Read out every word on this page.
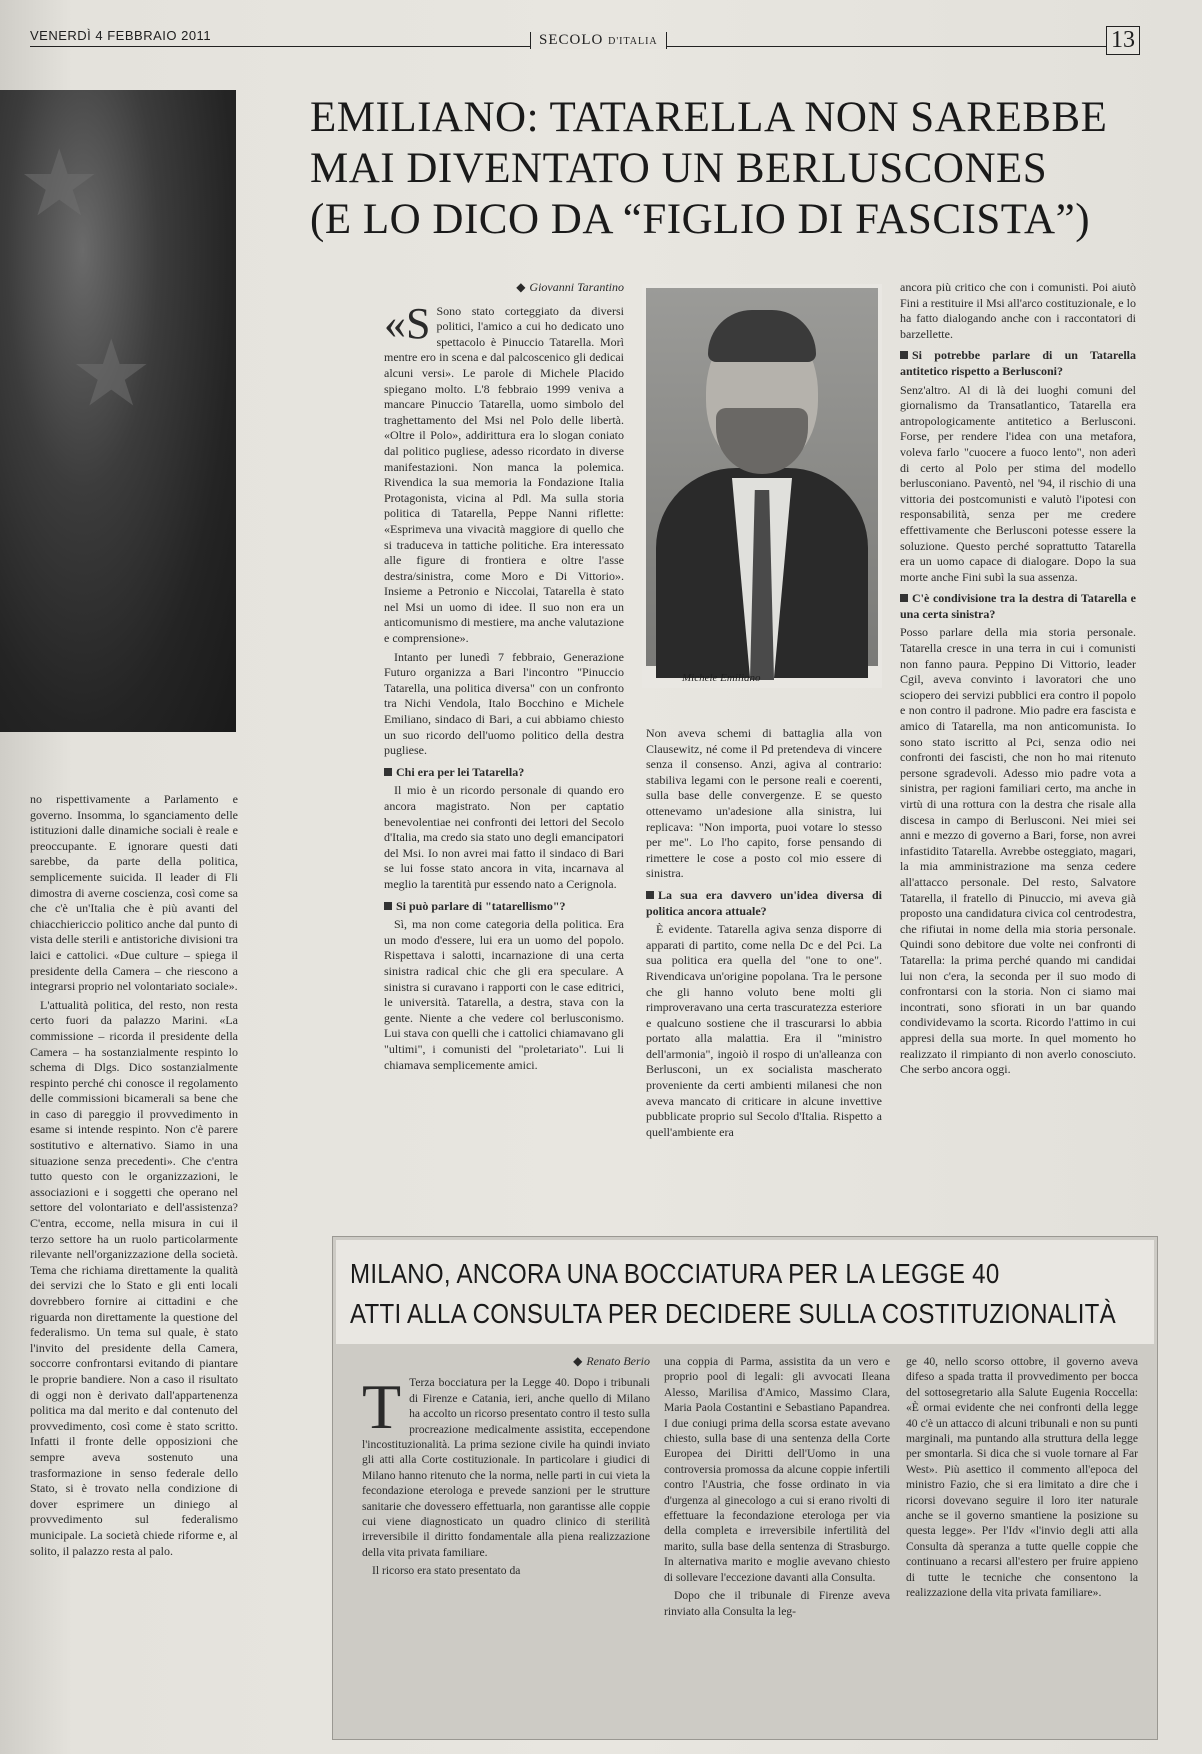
VENERDÌ 4 FEBBRAIO 2011	SECOLO D'ITALIA	13
★
★

no rispettivamente a Parlamento e governo. Insomma, lo sganciamento delle istituzioni dalle dinamiche sociali è reale e preoccupante. E ignorare questi dati sarebbe, da parte della politica, semplicemente suicida. Il leader di Fli dimostra di averne coscienza, così come sa che c'è un'Italia che è più avanti del chiacchiericcio politico anche dal punto di vista delle sterili e antistoriche divisioni tra laici e cattolici. «Due culture – spiega il presidente della Camera – che riescono a integrarsi proprio nel volontariato sociale».

L'attualità politica, del resto, non resta certo fuori da palazzo Marini. «La commissione – ricorda il presidente della Camera – ha sostanzialmente respinto lo schema di Dlgs. Dico sostanzialmente respinto perché chi conosce il regolamento delle commissioni bicamerali sa bene che in caso di pareggio il provvedimento in esame si intende respinto. Non c'è parere sostitutivo e alternativo. Siamo in una situazione senza precedenti». Che c'entra tutto questo con le organizzazioni, le associazioni e i soggetti che operano nel settore del volontariato e dell'assistenza? C'entra, eccome, nella misura in cui il terzo settore ha un ruolo particolarmente rilevante nell'organizzazione della società. Tema che richiama direttamente la qualità dei servizi che lo Stato e gli enti locali dovrebbero fornire ai cittadini e che riguarda non direttamente la questione del federalismo. Un tema sul quale, è stato l'invito del presidente della Camera, soccorre confrontarsi evitando di piantare le proprie bandiere. Non a caso il risultato di oggi non è derivato dall'appartenenza politica ma dal merito e dal contenuto del provvedimento, così come è stato scritto. Infatti il fronte delle opposizioni che sempre aveva sostenuto una trasformazione in senso federale dello Stato, si è trovato nella condizione di dover esprimere un diniego al provvedimento sul federalismo municipale. La società chiede riforme e, al solito, il palazzo resta al palo.

EMILIANO: TATARELLA NON SAREBBE
MAI DIVENTATO UN BERLUSCONES
(E LO DICO DA “FIGLIO DI FASCISTA”)
◆ Giovanni Tarantino
«S Sono stato corteggiato da diversi politici, l'amico a cui ho dedicato uno spettacolo è Pinuccio Tatarella. Morì mentre ero in scena e dal palcoscenico gli dedicai alcuni versi». Le parole di Michele Placido spiegano molto. L'8 febbraio 1999 veniva a mancare Pinuccio Tatarella, uomo simbolo del traghettamento del Msi nel Polo delle libertà. «Oltre il Polo», addirittura era lo slogan coniato dal politico pugliese, adesso ricordato in diverse manifestazioni. Non manca la polemica. Rivendica la sua memoria la Fondazione Italia Protagonista, vicina al Pdl. Ma sulla storia politica di Tatarella, Peppe Nanni riflette: «Esprimeva una vivacità maggiore di quello che si traduceva in tattiche politiche. Era interessato alle figure di frontiera e oltre l'asse destra/sinistra, come Moro e Di Vittorio». Insieme a Petronio e Niccolai, Tatarella è stato nel Msi un uomo di idee. Il suo non era un anticomunismo di mestiere, ma anche valutazione e comprensione».

Intanto per lunedì 7 febbraio, Generazione Futuro organizza a Bari l'incontro "Pinuccio Tatarella, una politica diversa" con un confronto tra Nichi Vendola, Italo Bocchino e Michele Emiliano, sindaco di Bari, a cui abbiamo chiesto un suo ricordo dell'uomo politico della destra pugliese.

Chi era per lei Tatarella?

Il mio è un ricordo personale di quando ero ancora magistrato. Non per captatio benevolentiae nei confronti dei lettori del Secolo d'Italia, ma credo sia stato uno degli emancipatori del Msi. Io non avrei mai fatto il sindaco di Bari se lui fosse stato ancora in vita, incarnava al meglio la tarentità pur essendo nato a Cerignola.

Si può parlare di "tatarellismo"?

Sì, ma non come categoria della politica. Era un modo d'essere, lui era un uomo del popolo. Rispettava i salotti, incarnazione di una certa sinistra radical chic che gli era speculare. A sinistra si curavano i rapporti con le case editrici, le università. Tatarella, a destra, stava con la gente. Niente a che vedere col berlusconismo. Lui stava con quelli che i cattolici chiamavano gli "ultimi", i comunisti del "proletariato". Lui li chiamava semplicemente amici.

Michele Emiliano

Non aveva schemi di battaglia alla von Clausewitz, né come il Pd pretendeva di vincere senza il consenso. Anzi, agiva al contrario: stabiliva legami con le persone reali e coerenti, sulla base delle convergenze. E se questo ottenevamo un'adesione alla sinistra, lui replicava: "Non importa, puoi votare lo stesso per me". Lo l'ho capito, forse pensando di rimettere le cose a posto col mio essere di sinistra.

La sua era davvero un'idea diversa di politica ancora attuale?

È evidente. Tatarella agiva senza disporre di apparati di partito, come nella Dc e del Pci. La sua politica era quella del "one to one". Rivendicava un'origine popolana. Tra le persone che gli hanno voluto bene molti gli rimproveravano una certa trascuratezza esteriore e qualcuno sostiene che il trascurarsi lo abbia portato alla malattia. Era il "ministro dell'armonia", ingoiò il rospo di un'alleanza con Berlusconi, un ex socialista mascherato proveniente da certi ambienti milanesi che non aveva mancato di criticare in alcune invettive pubblicate proprio sul Secolo d'Italia. Rispetto a quell'ambiente era

ancora più critico che con i comunisti. Poi aiutò Fini a restituire il Msi all'arco costituzionale, e lo ha fatto dialogando anche con i raccontatori di barzellette.

Si potrebbe parlare di un Tatarella antitetico rispetto a Berlusconi?

Senz'altro. Al di là dei luoghi comuni del giornalismo da Transatlantico, Tatarella era antropologicamente antitetico a Berlusconi. Forse, per rendere l'idea con una metafora, voleva farlo "cuocere a fuoco lento", non aderì di certo al Polo per stima del modello berlusconiano. Paventò, nel '94, il rischio di una vittoria dei postcomunisti e valutò l'ipotesi con responsabilità, senza per me credere effettivamente che Berlusconi potesse essere la soluzione. Questo perché soprattutto Tatarella era un uomo capace di dialogare. Dopo la sua morte anche Fini subì la sua assenza.

C'è condivisione tra la destra di Tatarella e una certa sinistra?

Posso parlare della mia storia personale. Tatarella cresce in una terra in cui i comunisti non fanno paura. Peppino Di Vittorio, leader Cgil, aveva convinto i lavoratori che uno sciopero dei servizi pubblici era contro il popolo e non contro il padrone. Mio padre era fascista e amico di Tatarella, ma non anticomunista. Io sono stato iscritto al Pci, senza odio nei confronti dei fascisti, che non ho mai ritenuto persone sgradevoli. Adesso mio padre vota a sinistra, per ragioni familiari certo, ma anche in virtù di una rottura con la destra che risale alla discesa in campo di Berlusconi. Nei miei sei anni e mezzo di governo a Bari, forse, non avrei infastidito Tatarella. Avrebbe osteggiato, magari, la mia amministrazione ma senza cedere all'attacco personale. Del resto, Salvatore Tatarella, il fratello di Pinuccio, mi aveva già proposto una candidatura civica col centrodestra, che rifiutai in nome della mia storia personale. Quindi sono debitore due volte nei confronti di Tatarella: la prima perché quando mi candidai lui non c'era, la seconda per il suo modo di confrontarsi con la storia. Non ci siamo mai incontrati, sono sfiorati in un bar quando condividevamo la scorta. Ricordo l'attimo in cui appresi della sua morte. In quel momento ho realizzato il rimpianto di non averlo conosciuto. Che serbo ancora oggi.

MILANO, ANCORA UNA BOCCIATURA PER LA LEGGE 40
ATTI ALLA CONSULTA PER DECIDERE SULLA COSTITUZIONALITÀ
◆ Renato Berio
T Terza bocciatura per la Legge 40. Dopo i tribunali di Firenze e Catania, ieri, anche quello di Milano ha accolto un ricorso presentato contro il testo sulla procreazione medicalmente assistita, eccependone l'incostituzionalità. La prima sezione civile ha quindi inviato gli atti alla Corte costituzionale. In particolare i giudici di Milano hanno ritenuto che la norma, nelle parti in cui vieta la fecondazione eterologa e prevede sanzioni per le strutture sanitarie che dovessero effettuarla, non garantisse alle coppie cui viene diagnosticato un quadro clinico di sterilità irreversibile il diritto fondamentale alla piena realizzazione della vita privata familiare.

Il ricorso era stato presentato da

una coppia di Parma, assistita da un vero e proprio pool di legali: gli avvocati Ileana Alesso, Marilisa d'Amico, Massimo Clara, Maria Paola Costantini e Sebastiano Papandrea. I due coniugi prima della scorsa estate avevano chiesto, sulla base di una sentenza della Corte Europea dei Diritti dell'Uomo in una controversia promossa da alcune coppie infertili contro l'Austria, che fosse ordinato in via d'urgenza al ginecologo a cui si erano rivolti di effettuare la fecondazione eterologa per via della completa e irreversibile infertilità del marito, sulla base della sentenza di Strasburgo. In alternativa marito e moglie avevano chiesto di sollevare l'eccezione davanti alla Consulta.

Dopo che il tribunale di Firenze aveva rinviato alla Consulta la leg-

ge 40, nello scorso ottobre, il governo aveva difeso a spada tratta il provvedimento per bocca del sottosegretario alla Salute Eugenia Roccella: «È ormai evidente che nei confronti della legge 40 c'è un attacco di alcuni tribunali e non su punti marginali, ma puntando alla struttura della legge per smontarla. Si dica che si vuole tornare al Far West». Più asettico il commento all'epoca del ministro Fazio, che si era limitato a dire che i ricorsi dovevano seguire il loro iter naturale anche se il governo smantiene la posizione su questa legge». Per l'Idv «l'invio degli atti alla Consulta dà speranza a tutte quelle coppie che continuano a recarsi all'estero per fruire appieno di tutte le tecniche che consentono la realizzazione della vita privata familiare».
